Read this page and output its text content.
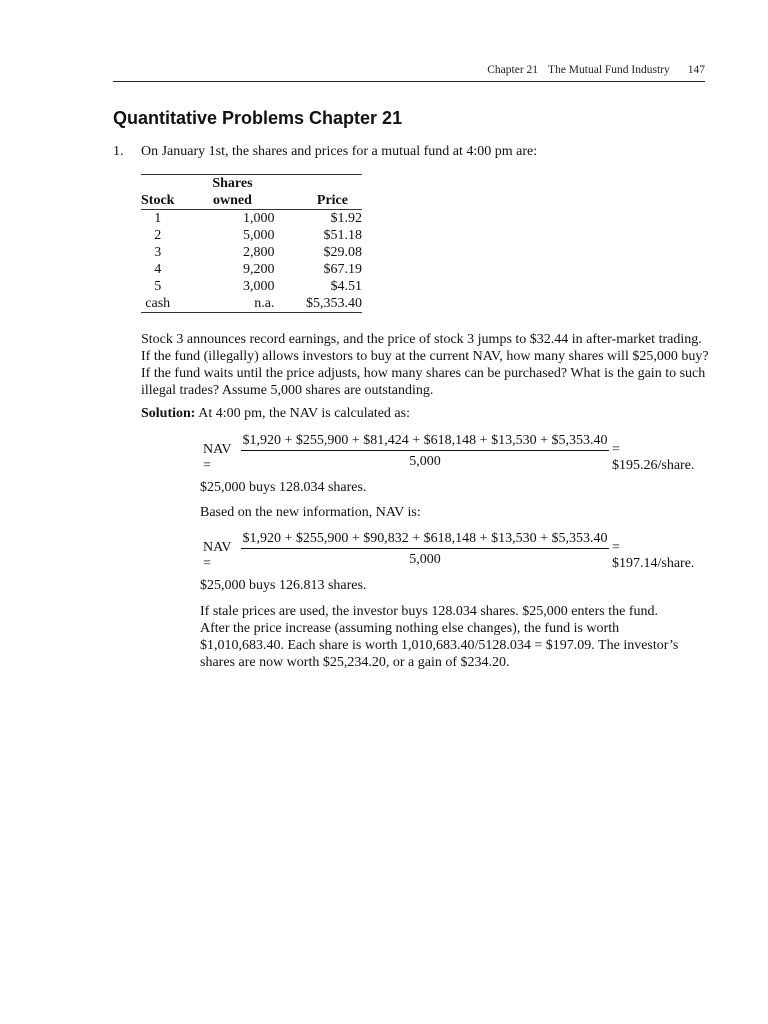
Chapter 21 The Mutual Fund Industry 147
Quantitative Problems Chapter 21
1. On January 1st, the shares and prices for a mutual fund at 4:00 pm are:
	Shares	
Stock	owned	Price
1	1,000	$1.92
2	5,000	$51.18
3	2,800	$29.08
4	9,200	$67.19
5	3,000	$4.51
cash	n.a.	$5,353.40
Stock 3 announces record earnings, and the price of stock 3 jumps to $32.44 in after-market trading. If the fund (illegally) allows investors to buy at the current NAV, how many shares will $25,000 buy? If the fund waits until the price adjusts, how many shares can be purchased? What is the gain to such illegal trades? Assume 5,000 shares are outstanding.
Solution: At 4:00 pm, the NAV is calculated as:
NAV =	$\frac{\$1,920 + \$255,900 + \$81,424 + \$618,148 + \$13,530 + \$5,353.40}{5,000}$ = $195.26/share.
$25,000 buys 128.034 shares.
Based on the new information, NAV is:
NAV =	$\frac{\$1,920 + \$255,900 + \$90,832 + \$618,148 + \$13,530 + \$5,353.40}{5,000}$ = $197.14/share.
$25,000 buys 126.813 shares.
If stale prices are used, the investor buys 128.034 shares. $25,000 enters the fund. After the price increase (assuming nothing else changes), the fund is worth $1,010,683.40. Each share is worth 1,010,683.40/5128.034 = $197.09. The investor’s shares are now worth $25,234.20, or a gain of $234.20.
